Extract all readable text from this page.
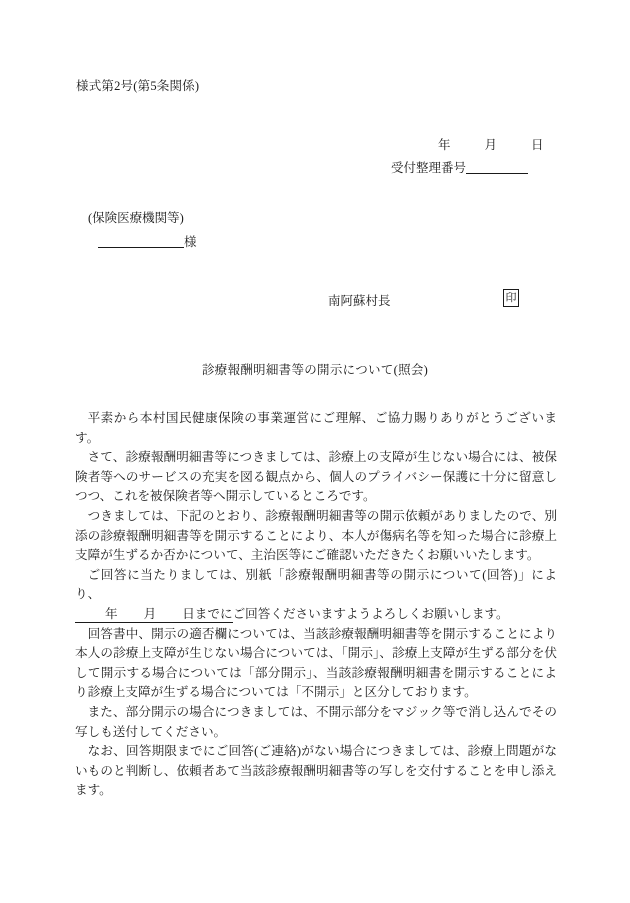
様式第2号(第5条関係)
年	月	日
受付整理番号
(保険医療機関等)
様
南阿蘇村長	印
診療報酬明細書等の開示について(照会)

平素から本村国民健康保険の事業運営にご理解、ご協力賜りありがとうございます。

さて、診療報酬明細書等につきましては、診療上の支障が生じない場合には、被保険者等へのサービスの充実を図る観点から、個人のプライバシー保護に十分に留意しつつ、これを被保険者等へ開示しているところです。

つきましては、下記のとおり、診療報酬明細書等の開示依頼がありましたので、別添の診療報酬明細書等を開示することにより、本人が傷病名等を知った場合に診療上支障が生ずるか否かについて、主治医等にご確認いただきたくお願いいたします。

ご回答に当たりましては、別紙「診療報酬明細書等の開示について(回答)」により、

年 月 日までにご回答くださいますようよろしくお願いします。

回答書中、開示の適否欄については、当該診療報酬明細書等を開示することにより本人の診療上支障が生じない場合については、「開示」、診療上支障が生ずる部分を伏して開示する場合については「部分開示」、当該診療報酬明細書を開示することにより診療上支障が生ずる場合については「不開示」と区分しております。

また、部分開示の場合につきましては、不開示部分をマジック等で消し込んでその写しも送付してください。

なお、回答期限までにご回答(ご連絡)がない場合につきましては、診療上問題がないものと判断し、依頼者あて当該診療報酬明細書等の写しを交付することを申し添えます。
